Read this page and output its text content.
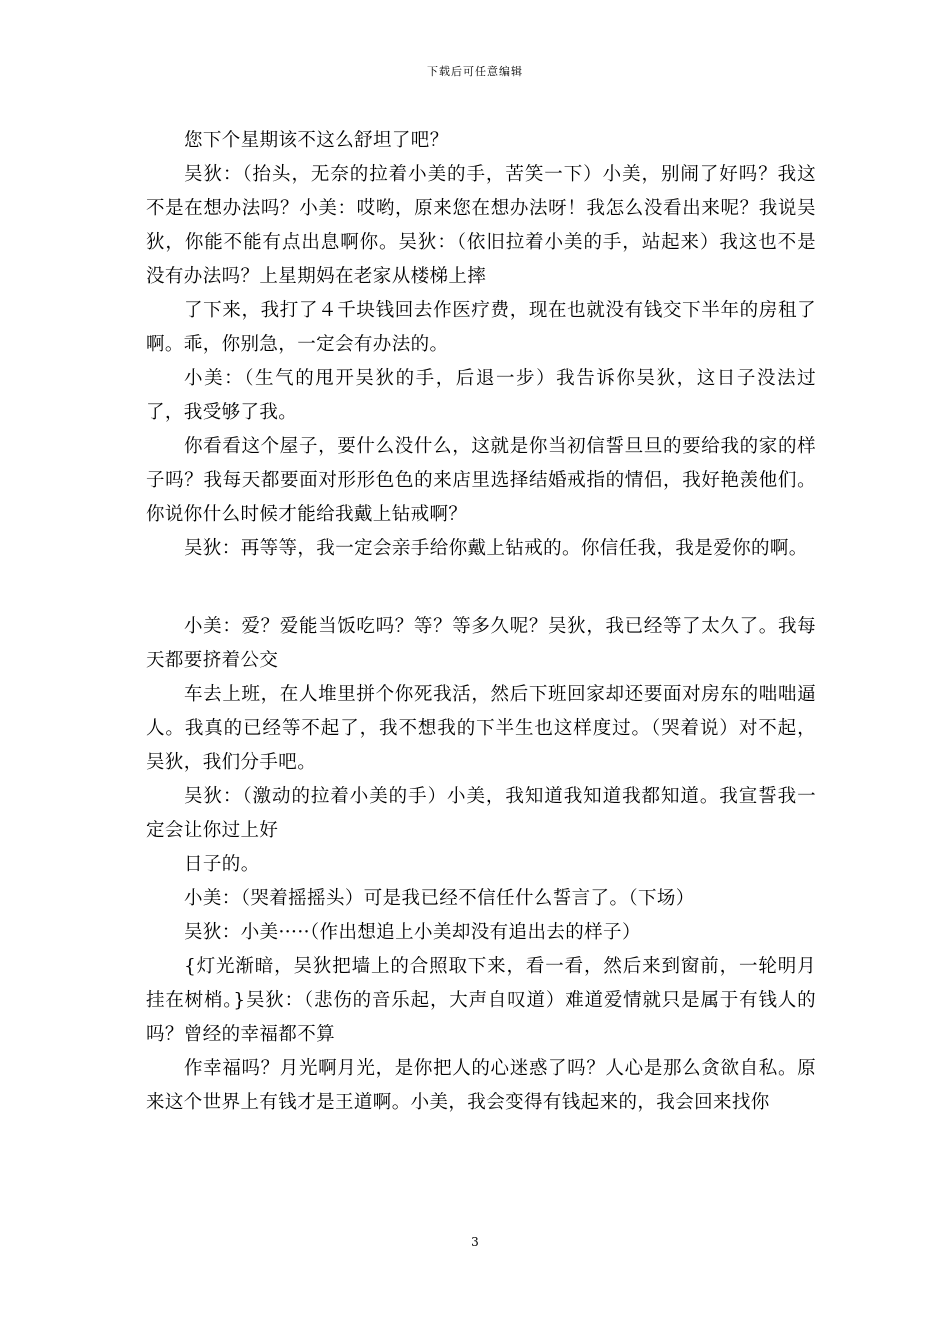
下载后可任意编辑

您下个星期该不这么舒坦了吧？

吴狄：（抬头，无奈的拉着小美的手，苦笑一下）小美，别闹了好吗？我这不是在想办法吗？小美：哎哟，原来您在想办法呀！我怎么没看出来呢？我说吴狄，你能不能有点出息啊你。吴狄：（依旧拉着小美的手，站起来）我这也不是没有办法吗？上星期妈在老家从楼梯上摔

了下来，我打了４千块钱回去作医疗费，现在也就没有钱交下半年的房租了啊。乖，你别急，一定会有办法的。

小美：（生气的甩开吴狄的手，后退一步）我告诉你吴狄，这日子没法过了，我受够了我。

你看看这个屋子，要什么没什么，这就是你当初信誓旦旦的要给我的家的样子吗？我每天都要面对形形色色的来店里选择结婚戒指的情侣，我好艳羡他们。你说你什么时候才能给我戴上钻戒啊？

吴狄：再等等，我一定会亲手给你戴上钻戒的。你信任我，我是爱你的啊。

小美：爱？爱能当饭吃吗？等？等多久呢？吴狄，我已经等了太久了。我每天都要挤着公交

车去上班，在人堆里拼个你死我活，然后下班回家却还要面对房东的咄咄逼人。我真的已经等不起了，我不想我的下半生也这样度过。（哭着说）对不起，吴狄，我们分手吧。

吴狄：（激动的拉着小美的手）小美，我知道我知道我都知道。我宣誓我一定会让你过上好

日子的。

小美：（哭着摇摇头）可是我已经不信任什么誓言了。（下场）

吴狄：小美·····（作出想追上小美却没有追出去的样子）

{灯光渐暗，吴狄把墙上的合照取下来，看一看，然后来到窗前，一轮明月挂在树梢。}吴狄：（悲伤的音乐起，大声自叹道）难道爱情就只是属于有钱人的吗？曾经的幸福都不算

作幸福吗？月光啊月光，是你把人的心迷惑了吗？人心是那么贪欲自私。原来这个世界上有钱才是王道啊。小美，我会变得有钱起来的，我会回来找你

3
